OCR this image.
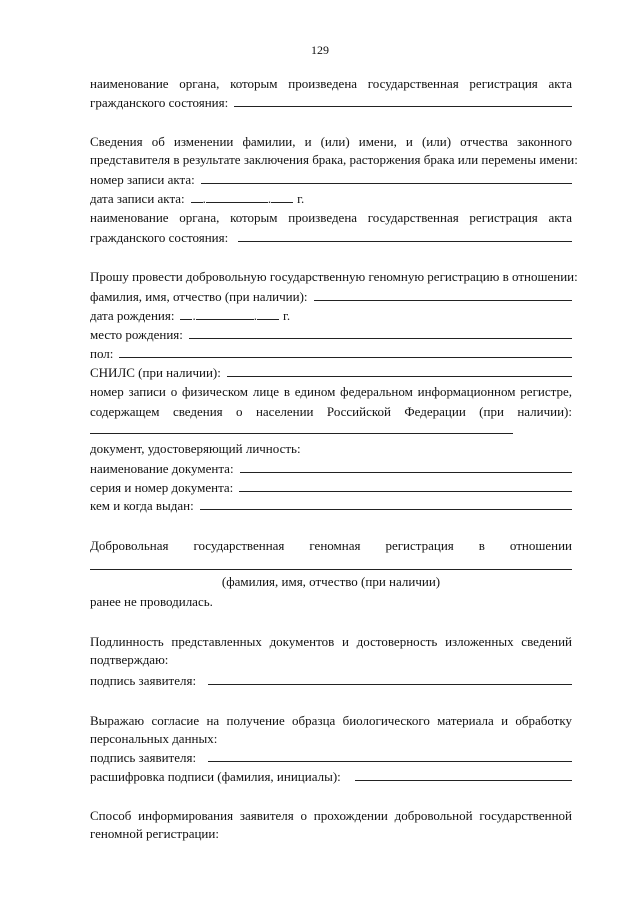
129
наименование органа, которым произведена государственная регистрация акта
гражданского состояния:
Сведения об изменении фамилии, и (или) имени, и (или) отчества законного
представителя в результате заключения брака, расторжения брака или перемены имени:
номер записи акта:
дата записи акта: .	. г.
наименование органа, которым произведена государственная регистрация акта
гражданского состояния:
Прошу провести добровольную государственную геномную регистрацию в отношении:
фамилия, имя, отчество (при наличии):
дата рождения: .	. г.
место рождения:
пол:
СНИЛС (при наличии):
номер записи о физическом лице в едином федеральном информационном регистре,
содержащем сведения о населении Российской Федерации (при наличии):
документ, удостоверяющий личность:
наименование документа:
серия и номер документа:
кем и когда выдан:
Добровольная государственная геномная регистрация в отношении
(фамилия, имя, отчество (при наличии)
ранее не проводилась.
Подлинность представленных документов и достоверность изложенных сведений
подтверждаю:
подпись заявителя:
Выражаю согласие на получение образца биологического материала и обработку
персональных данных:
подпись заявителя:
расшифровка подписи (фамилия, инициалы):
Способ информирования заявителя о прохождении добровольной государственной
геномной регистрации:
